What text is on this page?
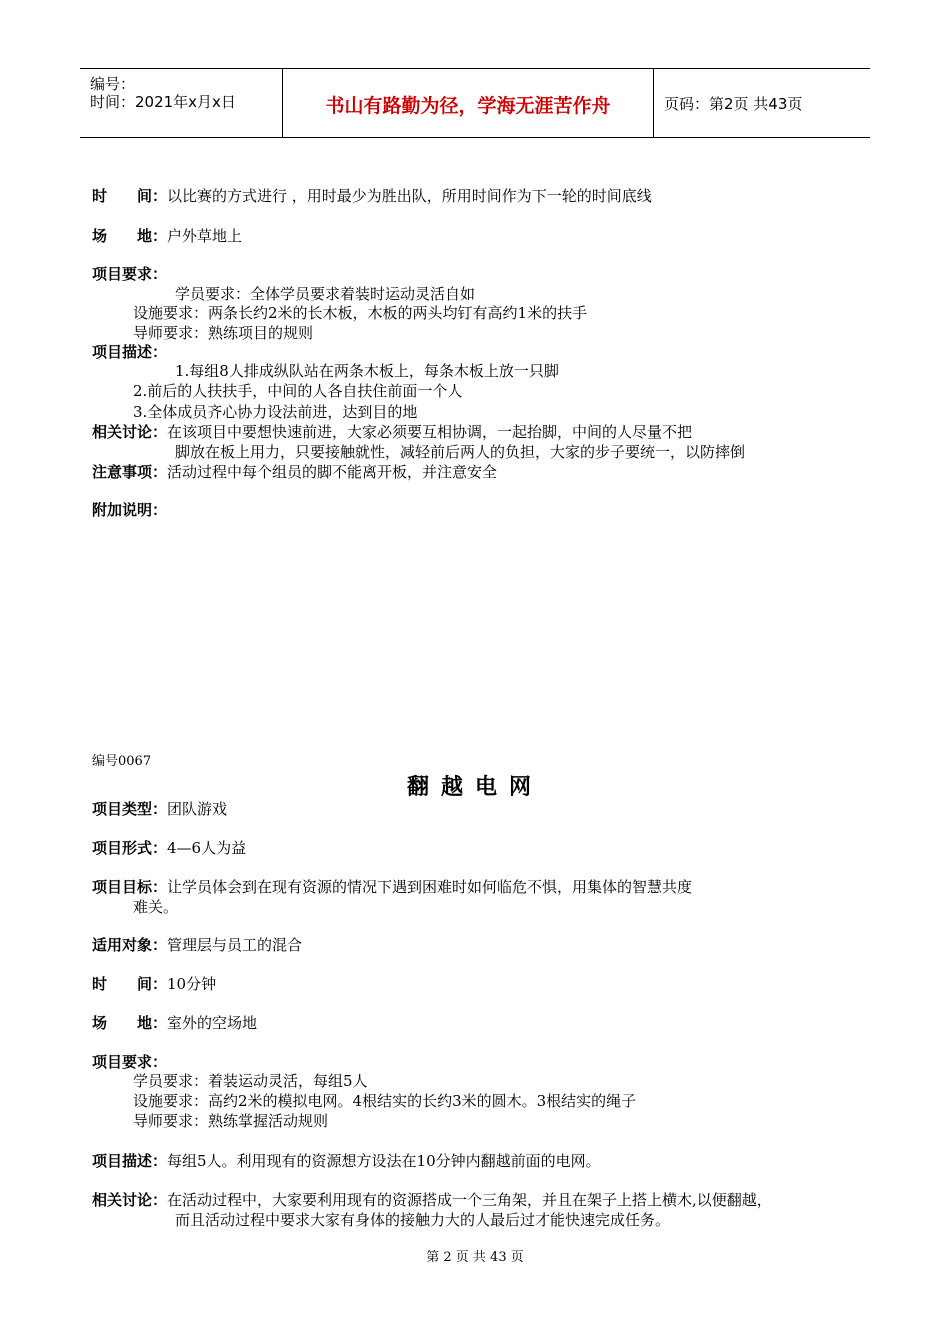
编号：
时间：2021年x月x日	书山有路勤为径，学海无涯苦作舟	页码：第2页 共43页
时　　间：以比赛的方式进行 ，用时最少为胜出队，所用时间作为下一轮的时间底线
场　　地：户外草地上
项目要求：
学员要求：全体学员要求着装时运动灵活自如
设施要求：两条长约2米的长木板，木板的两头均钉有高约1米的扶手
导师要求：熟练项目的规则
项目描述：
1.每组8人排成纵队站在两条木板上，每条木板上放一只脚
2.前后的人扶扶手，中间的人各自扶住前面一个人
3.全体成员齐心协力设法前进，达到目的地
相关讨论：在该项目中要想快速前进，大家必须要互相协调，一起抬脚，中间的人尽量不把
脚放在板上用力，只要接触就性，减轻前后两人的负担，大家的步子要统一，以防摔倒
注意事项：活动过程中每个组员的脚不能离开板，并注意安全
附加说明：
编号0067
翻越电网
项目类型：团队游戏
项目形式：4—6人为益
项目目标：让学员体会到在现有资源的情况下遇到困难时如何临危不惧，用集体的智慧共度
难关。
适用对象：管理层与员工的混合
时　　间：10分钟
场　　地：室外的空场地
项目要求：
学员要求：着装运动灵活，每组5人
设施要求：高约2米的模拟电网。4根结实的长约3米的圆木。3根结实的绳子
导师要求：熟练掌握活动规则
项目描述：每组5人。利用现有的资源想方设法在10分钟内翻越前面的电网。
相关讨论：在活动过程中，大家要利用现有的资源搭成一个三角架，并且在架子上搭上横木,以便翻越，
而且活动过程中要求大家有身体的接触力大的人最后过才能快速完成任务。
第 2 页 共 43 页
